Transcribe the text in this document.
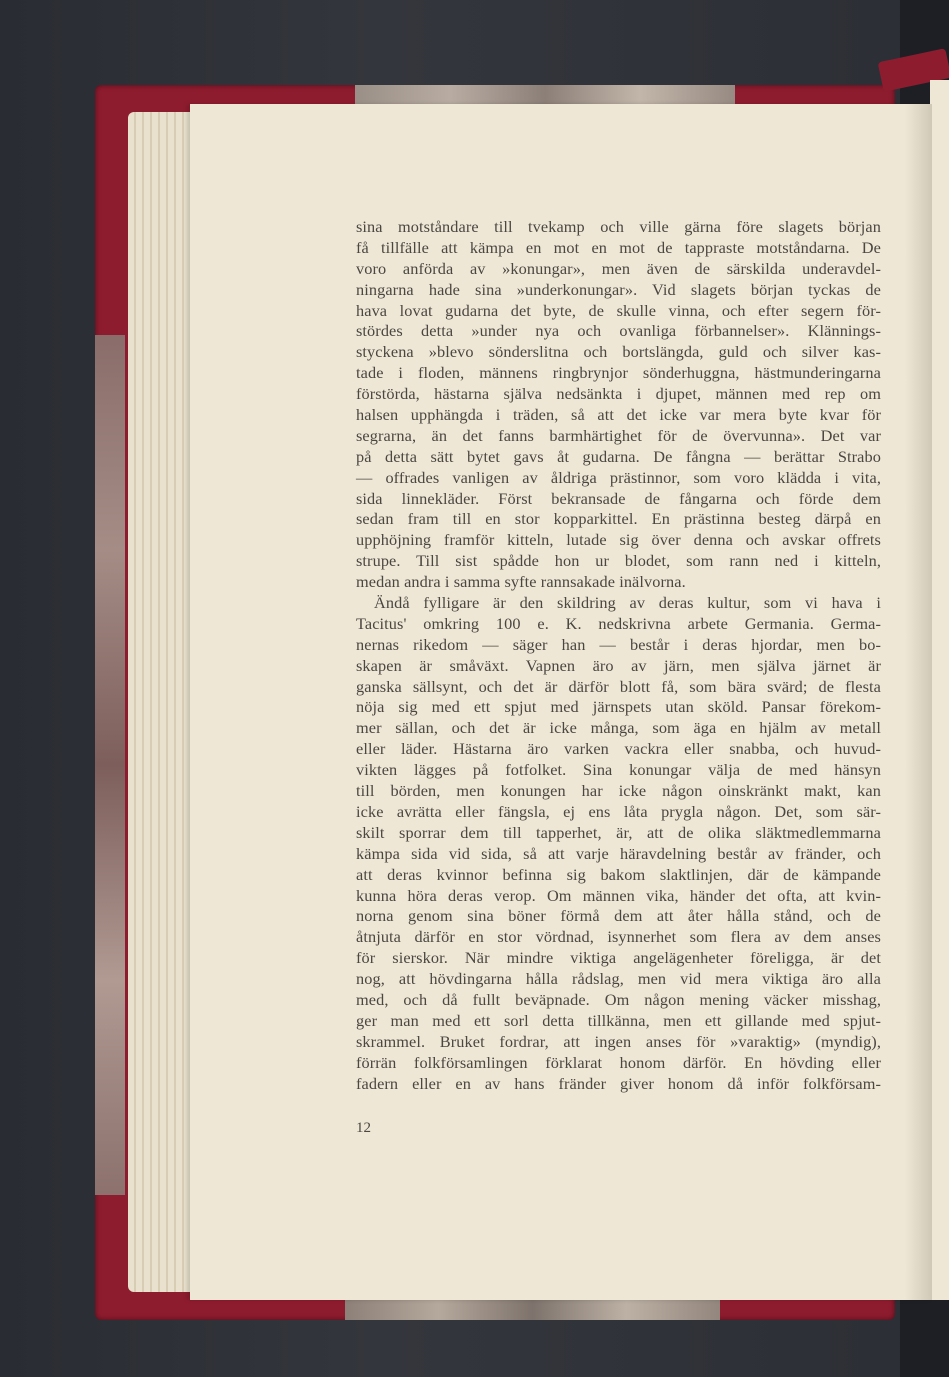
sina motståndare till tvekamp och ville gärna före slagets början
få tillfälle att kämpa en mot en mot de tappraste motståndarna. De
voro anförda av »konungar», men även de särskilda underavdel-
ningarna hade sina »underkonungar». Vid slagets början tyckas de
hava lovat gudarna det byte, de skulle vinna, och efter segern för-
stördes detta »under nya och ovanliga förbannelser». Klännings-
styckena »blevo sönderslitna och bortslängda, guld och silver kas-
tade i floden, männens ringbrynjor sönderhuggna, hästmunderingarna
förstörda, hästarna själva nedsänkta i djupet, männen med rep om
halsen upphängda i träden, så att det icke var mera byte kvar för
segrarna, än det fanns barmhärtighet för de övervunna». Det var
på detta sätt bytet gavs åt gudarna. De fångna — berättar Strabo
— offrades vanligen av åldriga prästinnor, som voro klädda i vita,
sida linnekläder. Först bekransade de fångarna och förde dem
sedan fram till en stor kopparkittel. En prästinna besteg därpå en
upphöjning framför kitteln, lutade sig över denna och avskar offrets
strupe. Till sist spådde hon ur blodet, som rann ned i kitteln,
medan andra i samma syfte rannsakade inälvorna.
Ändå fylligare är den skildring av deras kultur, som vi hava i
Tacitus' omkring 100 e. K. nedskrivna arbete Germania. Germa-
nernas rikedom — säger han — består i deras hjordar, men bo-
skapen är småväxt. Vapnen äro av järn, men själva järnet är
ganska sällsynt, och det är därför blott få, som bära svärd; de flesta
nöja sig med ett spjut med järnspets utan sköld. Pansar förekom-
mer sällan, och det är icke många, som äga en hjälm av metall
eller läder. Hästarna äro varken vackra eller snabba, och huvud-
vikten lägges på fotfolket. Sina konungar välja de med hänsyn
till börden, men konungen har icke någon oinskränkt makt, kan
icke avrätta eller fängsla, ej ens låta prygla någon. Det, som sär-
skilt sporrar dem till tapperhet, är, att de olika släktmedlemmarna
kämpa sida vid sida, så att varje häravdelning består av fränder, och
att deras kvinnor befinna sig bakom slaktlinjen, där de kämpande
kunna höra deras verop. Om männen vika, händer det ofta, att kvin-
norna genom sina böner förmå dem att åter hålla stånd, och de
åtnjuta därför en stor vördnad, isynnerhet som flera av dem anses
för sierskor. När mindre viktiga angelägenheter föreligga, är det
nog, att hövdingarna hålla rådslag, men vid mera viktiga äro alla
med, och då fullt beväpnade. Om någon mening väcker misshag,
ger man med ett sorl detta tillkänna, men ett gillande med spjut-
skrammel. Bruket fordrar, att ingen anses för »varaktig» (myndig),
förrän folkförsamlingen förklarat honom därför. En hövding eller
fadern eller en av hans fränder giver honom då inför folkförsam-
12
